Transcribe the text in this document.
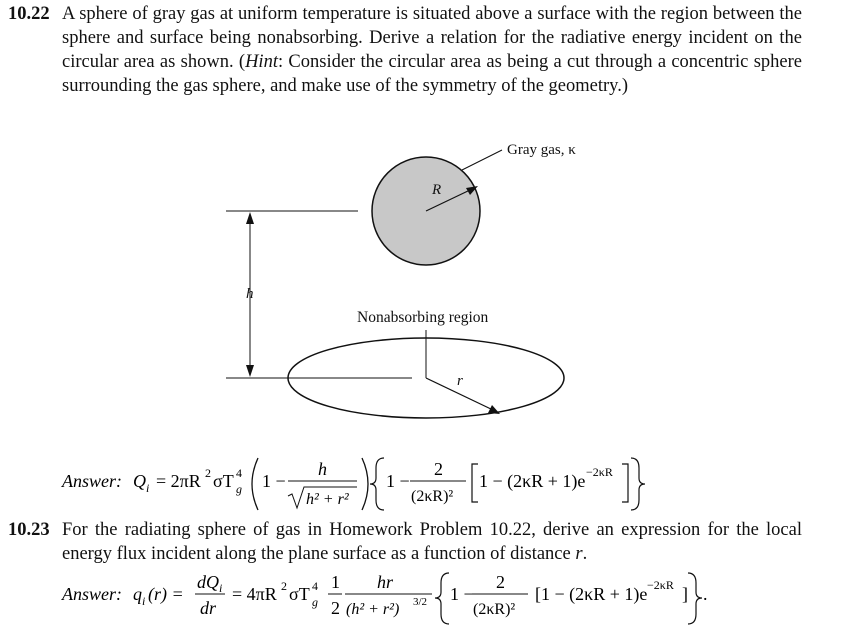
10.22 A sphere of gray gas at uniform temperature is situated above a surface with the region between the sphere and surface being nonabsorbing. Derive a relation for the radiative energy incident on the circular area as shown. (Hint: Consider the circular area as being a cut through a concentric sphere surrounding the gas sphere, and make use of the symmetry of the geometry.)
Gray gas, κ
R
h
Nonabsorbing region
r
Answer: Q i = 2πR 2 σT 4
g 1 −
h
h² + r²
1 −
2
(2κR)²
1 − (2κR + 1)e −2κR
10.23 For the radiating sphere of gas in Homework Problem 10.22, derive an expression for the local energy flux incident along the plane surface as a function of distance r.
Answer: q i (r) =
dQ i
dr
= 4πR 2 σT 4
g
1
2
hr
(h² + r²) 3/2 1 −
2
(2κR)²
[1 − (2κR + 1)e −2κR ] .
